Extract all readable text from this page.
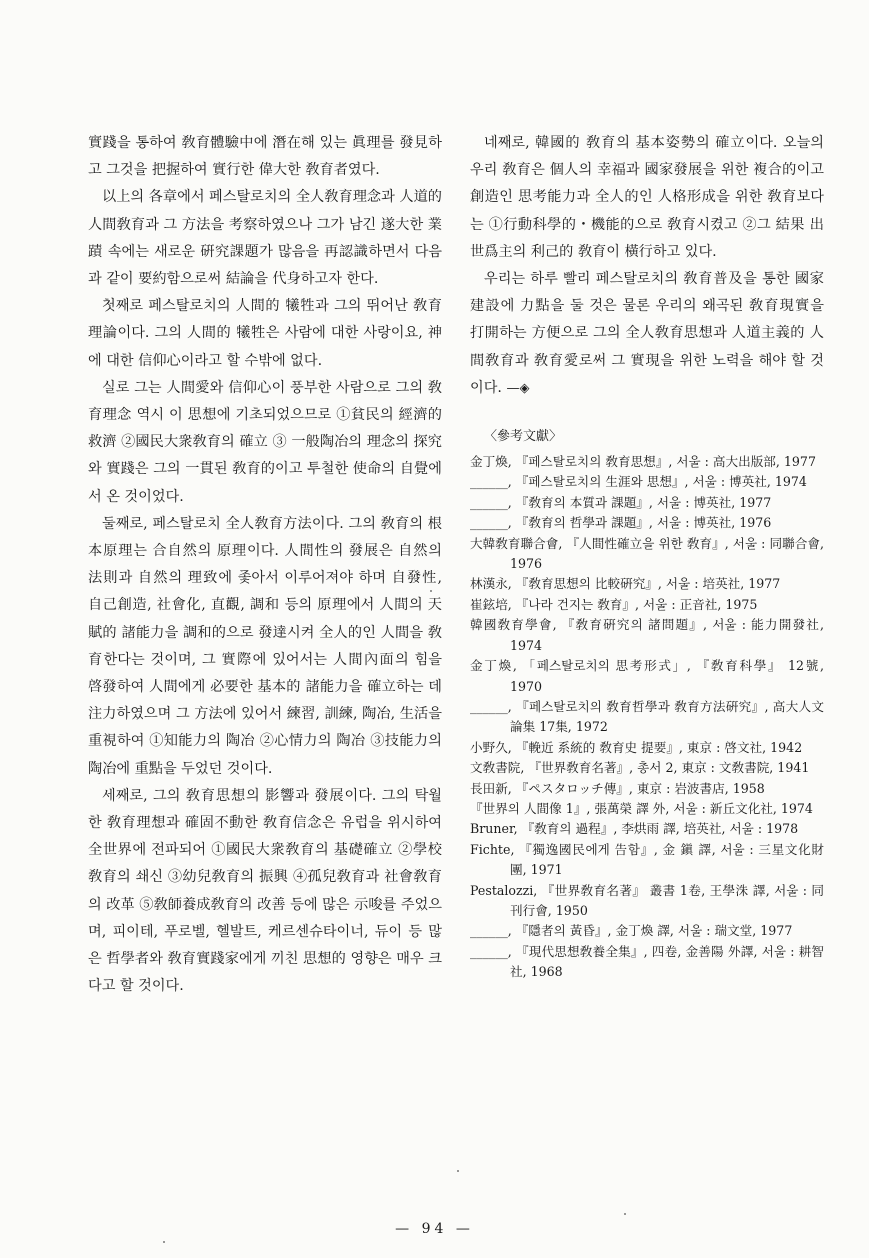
實踐을 통하여 敎育體驗中에 潛在해 있는 眞理를 發見하고 그것을 把握하여 實行한 偉大한 敎育者였다.

以上의 各章에서 페스탈로치의 全人敎育理念과 人道的 人間敎育과 그 方法을 考察하였으나 그가 남긴 遂大한 業蹟 속에는 새로운 硏究課題가 많음을 再認識하면서 다음과 같이 要約함으로써 結論을 代身하고자 한다.

첫째로 페스탈로치의 人間的 犧牲과 그의 뛰어난 敎育理論이다. 그의 人間的 犧牲은 사람에 대한 사랑이요, 神에 대한 信仰心이라고 할 수밖에 없다.

실로 그는 人間愛와 信仰心이 풍부한 사람으로 그의 敎育理念 역시 이 思想에 기초되었으므로 ①貧民의 經濟的 救濟 ②國民大衆敎育의 確立 ③ 一般陶冶의 理念의 探究와 實踐은 그의 一貫된 敎育的이고 투철한 使命의 自覺에서 온 것이었다.

둘째로, 페스탈로치 全人敎育方法이다. 그의 敎育의 根本原理는 合自然의 原理이다. 人間性의 發展은 自然의 法則과 自然의 理致에 좇아서 이루어져야 하며 自發性, 自己創造, 社會化, 直觀, 調和 등의 原理에서 人間의 天賦的 諸能力을 調和的으로 發達시켜 全人的인 人間을 敎育한다는 것이며, 그 實際에 있어서는 人間內面의 힘을 啓發하여 人間에게 必要한 基本的 諸能力을 確立하는 데 注力하였으며 그 方法에 있어서 練習, 訓練, 陶冶, 生活을 重視하여 ①知能力의 陶冶 ②心情力의 陶冶 ③技能力의 陶冶에 重點을 두었던 것이다.

세째로, 그의 敎育思想의 影響과 發展이다. 그의 탁월한 敎育理想과 確固不動한 敎育信念은 유럽을 위시하여 全世界에 전파되어 ①國民大衆敎育의 基礎確立 ②學校敎育의 쇄신 ③幼兒敎育의 振興 ④孤兒敎育과 社會敎育의 改革 ⑤敎師養成敎育의 改善 등에 많은 示唆를 주었으며, 피이테, 푸로벨, 헬발트, 케르센슈타이너, 듀이 등 많은 哲學者와 敎育實踐家에게 끼친 思想的 영향은 매우 크다고 할 것이다.

네째로, 韓國的 敎育의 基本姿勢의 確立이다. 오늘의 우리 敎育은 個人의 幸福과 國家發展을 위한 複合的이고 創造인 思考能力과 全人的인 人格形成을 위한 敎育보다는 ①行動科學的・機能的으로 敎育시켰고 ②그 結果 出世爲主의 利己的 敎育이 橫行하고 있다.

우리는 하루 빨리 페스탈로치의 敎育普及을 통한 國家建設에 力點을 둘 것은 물론 우리의 왜곡된 敎育現實을 打開하는 方便으로 그의 全人敎育思想과 人道主義的 人間敎育과 敎育愛로써 그 實現을 위한 노력을 해야 할 것이다. —◈

〈參考文獻〉
金丁煥, 『페스탈로치의 敎育思想』, 서울 : 高大出版部, 1977
______, 『페스탈로치의 生涯와 思想』, 서울 : 博英社, 1974
______, 『敎育의 本質과 課題』, 서울 : 博英社, 1977
______, 『敎育의 哲學과 課題』, 서울 : 博英社, 1976
大韓敎育聯合會, 『人間性確立을 위한 敎育』, 서울 : 同聯合會, 1976
林漢永, 『敎育思想의 比較硏究』, 서울 : 培英社, 1977
崔鉉培, 『나라 건지는 敎育』, 서울 : 正音社, 1975
韓國敎育學會, 『敎育硏究의 諸問題』, 서울 : 能力開發社, 1974
金丁煥, 「페스탈로치의 思考形式」, 『敎育科學』 12號, 1970
______, 『페스탈로치의 敎育哲學과 敎育方法硏究』, 高大人文論集 17集, 1972
小野久, 『輓近 系統的 敎育史 提要』, 東京 : 啓文社, 1942
文敎書院, 『世界敎育名著』, 총서 2, 東京 : 文敎書院, 1941
長田新, 『ペスタロッチ傳』, 東京 : 岩波書店, 1958
『世界의 人間像 1』, 張萬榮 譯 外, 서울 : 新丘文化社, 1974
Bruner, 『敎育의 過程』, 李烘雨 譯, 培英社, 서울 : 1978
Fichte, 『獨逸國民에게 告함』, 金 鎭 譯, 서울 : 三星文化財團, 1971
Pestalozzi, 『世界敎育名著』 叢書 1卷, 王學洙 譯, 서울 : 同刊行會, 1950
______, 『隱者의 黃昏』, 金丁煥 譯, 서울 : 瑞文堂, 1977
______, 『現代思想敎養全集』, 四卷, 金善陽 外譯, 서울 : 耕智社, 1968
— 94 —
